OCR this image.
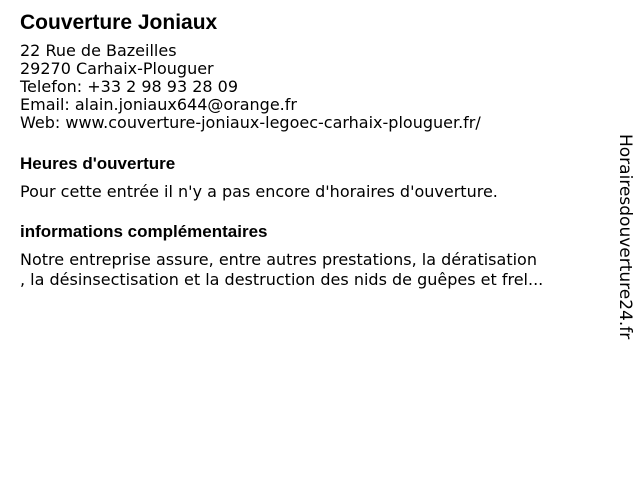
Couverture Joniaux
22 Rue de Bazeilles
29270 Carhaix-Plouguer
Telefon: +33 2 98 93 28 09
Email: alain.joniaux644@orange.fr
Web: www.couverture-joniaux-legoec-carhaix-plouguer.fr/
Heures d'ouverture
Pour cette entrée il n'y a pas encore d'horaires d'ouverture.
informations complémentaires
Notre entreprise assure, entre autres prestations, la dératisation
, la désinsectisation et la destruction des nids de guêpes et frel...	Horairesdouverture24.fr
